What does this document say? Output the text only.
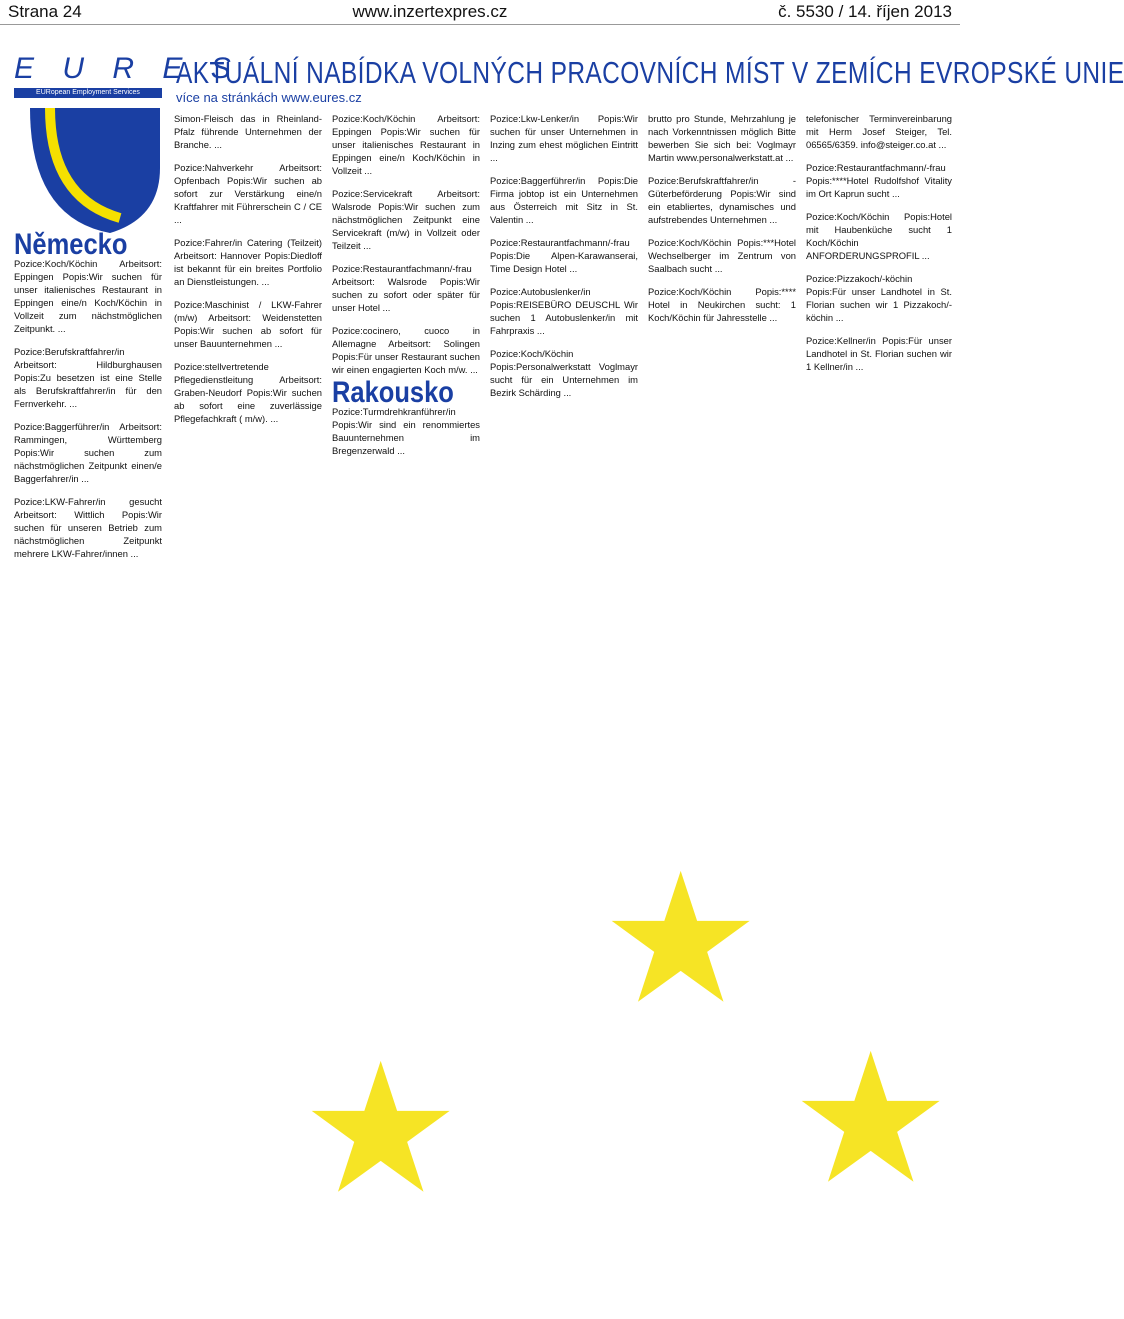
Strana 24	www.inzertexpres.cz	č. 5530 / 14. říjen 2013
E U R E S
EURopean Employment Services
AKTUÁLNÍ NABÍDKA VOLNÝCH PRACOVNÍCH MÍST V ZEMÍCH EVROPSKÉ UNIE
více na stránkách www.eures.cz
Německo

Pozice:Koch/Köchin Arbeitsort: Eppingen Popis:Wir suchen für unser italienisches Restaurant in Eppingen eine/n Koch/Köchin in Vollzeit zum nächstmöglichen Zeitpunkt. ...

Pozice:Berufskraftfahrer/in Arbeitsort: Hildburghausen Popis:Zu besetzen ist eine Stelle als Berufskraftfahrer/in für den Fernverkehr. ...

Pozice:Baggerführer/in Arbeitsort: Rammingen, Württemberg Popis:Wir suchen zum nächstmöglichen Zeitpunkt einen/e Baggerfahrer/in ...

Pozice:LKW-Fahrer/in gesucht Arbeitsort: Wittlich Popis:Wir suchen für unseren Betrieb zum nächstmöglichen Zeitpunkt mehrere LKW-Fahrer/innen ...

Simon-Fleisch das in Rheinland-Pfalz führende Unternehmen der Branche. ...

Pozice:Nahverkehr Arbeitsort: Opfenbach Popis:Wir suchen ab sofort zur Verstärkung eine/n Kraftfahrer mit Führerschein C / CE ...

Pozice:Fahrer/in Catering (Teilzeit) Arbeitsort: Hannover Popis:Diedloff ist bekannt für ein breites Portfolio an Dienstleistungen. ...

Pozice:Maschinist / LKW-Fahrer (m/w) Arbeitsort: Weidenstetten Popis:Wir suchen ab sofort für unser Bauunternehmen ...

Pozice:stellvertretende Pflegedienstleitung Arbeitsort: Graben-Neudorf Popis:Wir suchen ab sofort eine zuverlässige Pflegefachkraft ( m/w). ...

Pozice:Koch/Köchin Arbeitsort: Eppingen Popis:Wir suchen für unser italienisches Restaurant in Eppingen eine/n Koch/Köchin in Vollzeit ...

Pozice:Servicekraft Arbeitsort: Walsrode Popis:Wir suchen zum nächstmöglichen Zeitpunkt eine Servicekraft (m/w) in Vollzeit oder Teilzeit ...

Pozice:Restaurantfachmann/-frau Arbeitsort: Walsrode Popis:Wir suchen zu sofort oder später für unser Hotel ...

Pozice:cocinero, cuoco in Allemagne Arbeitsort: Solingen Popis:Für unser Restaurant suchen wir einen engagierten Koch m/w. ...

Rakousko

Pozice:Turmdrehkranführer/in Popis:Wir sind ein renommiertes Bauunternehmen im Bregenzerwald ...

Pozice:Lkw-Lenker/in Popis:Wir suchen für unser Unternehmen in Inzing zum ehest möglichen Eintritt ...

Pozice:Baggerführer/in Popis:Die Firma jobtop ist ein Unternehmen aus Österreich mit Sitz in St. Valentin ...

Pozice:Restaurantfachmann/-frau Popis:Die Alpen-Karawanserai, Time Design Hotel ...

Pozice:Autobuslenker/in Popis:REISEBÜRO DEUSCHL Wir suchen 1 Autobuslenker/in mit Fahrpraxis ...

Pozice:Koch/Köchin Popis:Personalwerkstatt Voglmayr sucht für ein Unternehmen im Bezirk Schärding ...

brutto pro Stunde, Mehrzahlung je nach Vorkenntnissen möglich Bitte bewerben Sie sich bei: Voglmayr Martin www.personalwerkstatt.at ...

Pozice:Berufskraftfahrer/in - Güterbeförderung Popis:Wir sind ein etabliertes, dynamisches und aufstrebendes Unternehmen ...

Pozice:Koch/Köchin Popis:***Hotel Wechselberger im Zentrum von Saalbach sucht ...

Pozice:Koch/Köchin Popis:**** Hotel in Neukirchen sucht: 1 Koch/Köchin für Jahresstelle ...

telefonischer Terminvereinbarung mit Herm Josef Steiger, Tel. 06565/6359. info@steiger.co.at ...

Pozice:Restaurantfachmann/-frau Popis:****Hotel Rudolfshof Vitality im Ort Kaprun sucht ...

Pozice:Koch/Köchin Popis:Hotel mit Haubenküche sucht 1 Koch/Köchin ANFORDERUNGSPROFIL ...

Pozice:Pizzakoch/-köchin Popis:Für unser Landhotel in St. Florian suchen wir 1 Pizzakoch/-köchin ...

Pozice:Kellner/in Popis:Für unser Landhotel in St. Florian suchen wir 1 Kellner/in ...

★
★
★
